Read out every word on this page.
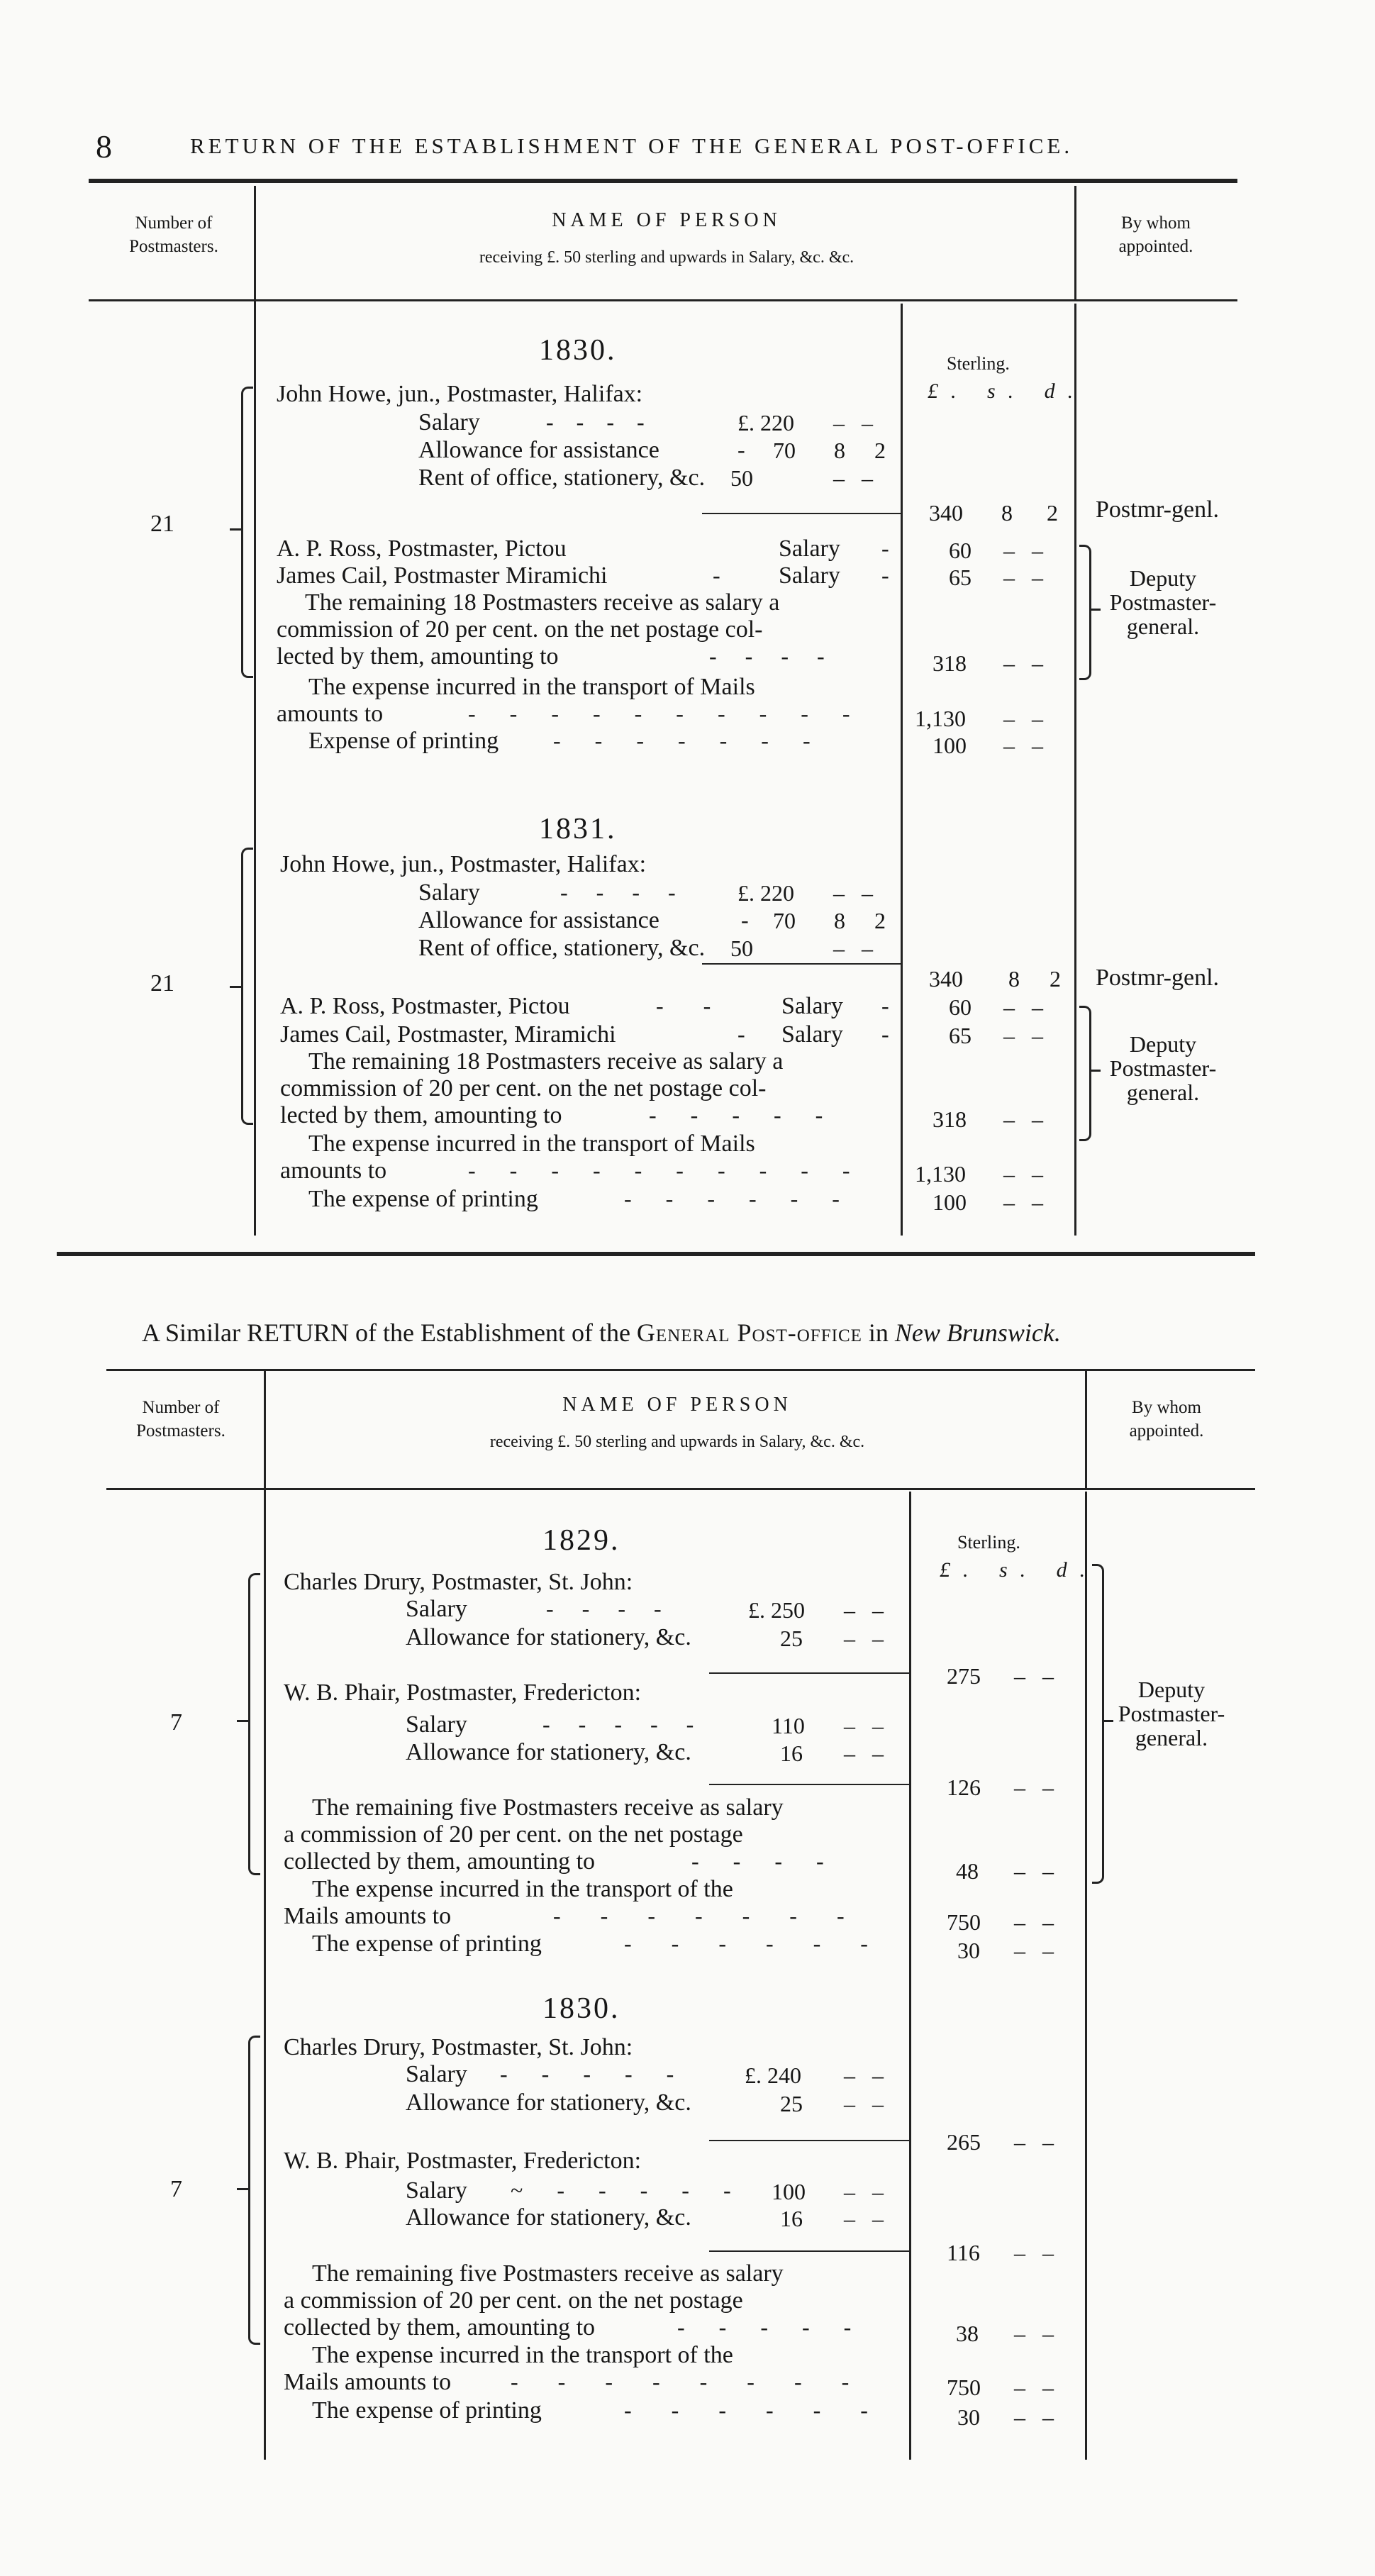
8	RETURN OF THE ESTABLISHMENT OF THE GENERAL POST-OFFICE.
Number of Postmasters.
NAME OF PERSON
receiving £. 50 sterling and upwards in Salary, &c. &c.
By whom appointed.
Sterling.
£. s. d.
1830.
21
John Howe, jun., Postmaster, Halifax:
Salary	-    -    -    -	£. 220 –   –
Allowance for assistance	- 70 8 2
Rent of office, stationery, &c. 50	–   –
340 8 2 Postmr-genl.
A. P. Ross, Postmaster, Pictou	Salary -	60 –   –
James Cail, Postmaster Miramichi	- Salary -	65 –   –
The remaining 18 Postmasters receive as salary a
commission of 20 per cent. on the net postage col-
lected by them, amounting to	-     -     -     -	318 –   –
Deputy Postmaster-general.
The expense incurred in the transport of Mails
amounts to	-      -      -      -      -      -      -      -      -      -	1,130 –   –
Expense of printing -      -      -      -      -      -      -	100 –   –
1831.
21
John Howe, jun., Postmaster, Halifax:
Salary	-     -     -     -	£. 220 –   –
Allowance for assistance	- 70 8 2
Rent of office, stationery, &c. 50	–   –
340 8 2 Postmr-genl.
A. P. Ross, Postmaster, Pictou	-       -	Salary -	60 –   –
James Cail, Postmaster, Miramichi	- Salary -	65 –   –
The remaining 18 Postmasters receive as salary a
commission of 20 per cent. on the net postage col-
lected by them, amounting to	-      -      -      -      -	318 –   –
Deputy Postmaster-general.
The expense incurred in the transport of Mails
amounts to	-      -      -      -      -      -      -      -      -      -	1,130 –   –
The expense of printing	-      -      -      -      -      -	100 –   –
A Similar RETURN of the Establishment of the General Post-office in New Brunswick.
Number of Postmasters.
NAME OF PERSON
receiving £. 50 sterling and upwards in Salary, &c. &c.
By whom appointed.
Sterling.
£. s. d.
1829.
7
Charles Drury, Postmaster, St. John:
Salary	-     -     -     -	£. 250 –   –
Allowance for stationery, &c.	25 –   –
275 –   –
W. B. Phair, Postmaster, Fredericton:
Salary	-     -     -     -     -	110 –   –
Allowance for stationery, &c.	16 –   –
126 –   –
Deputy Postmaster-general.
The remaining five Postmasters receive as salary
a commission of 20 per cent. on the net postage
collected by them, amounting to	-      -      -      -	48 –   –
The expense incurred in the transport of the
Mails amounts to	-       -       -       -       -       -       -	750 –   –
The expense of printing	-       -       -       -       -       -	30 –   –
1830.
7
Charles Drury, Postmaster, St. John:
Salary -      -      -      -      -	£. 240 –   –
Allowance for stationery, &c.	25 –   –
265 –   –
W. B. Phair, Postmaster, Fredericton:
Salary ~      -      -      -      -      - 100 –   –
Allowance for stationery, &c.	16 –   –
116 –   –
The remaining five Postmasters receive as salary
a commission of 20 per cent. on the net postage
collected by them, amounting to	-      -      -      -      -	38 –   –
The expense incurred in the transport of the
Mails amounts to	-       -       -       -       -       -       -       -	750 –   –
The expense of printing	-       -       -       -       -       -	30 –   –
